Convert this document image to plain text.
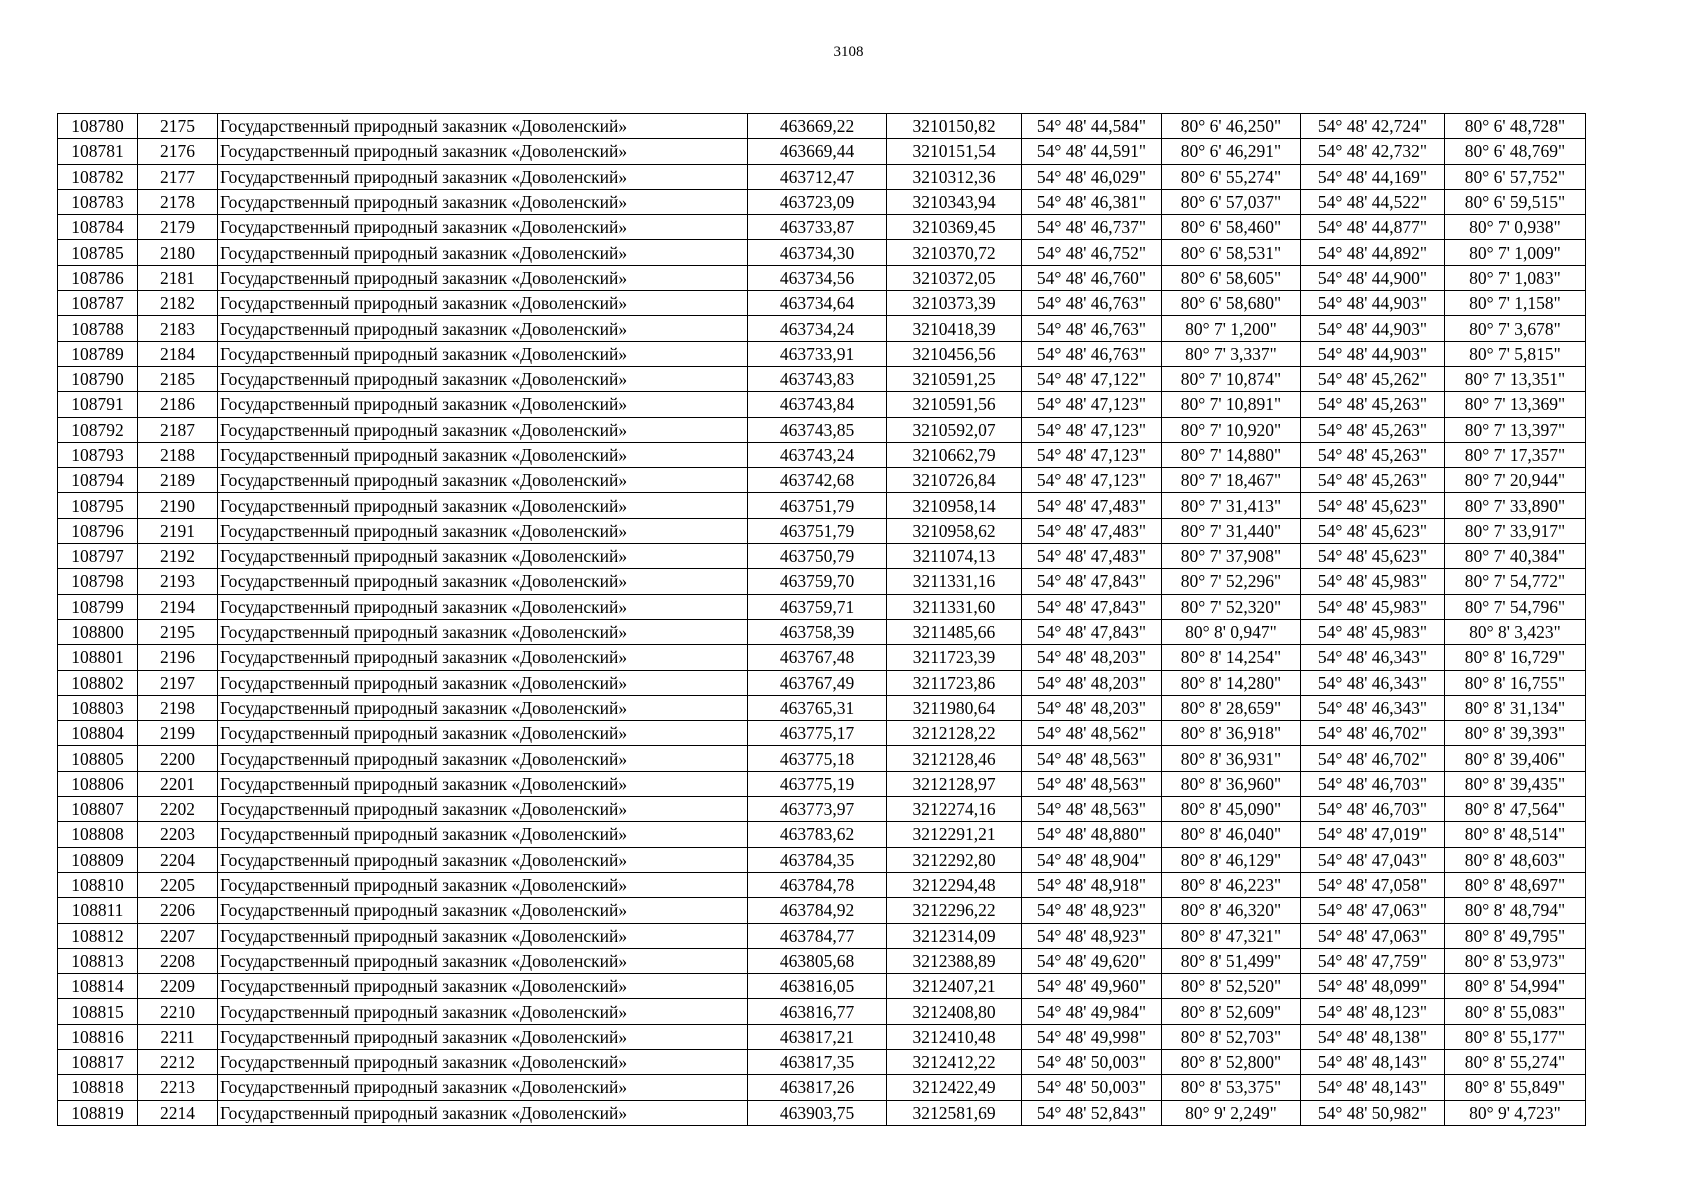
3108
108780	2175	Государственный природный заказник «Доволенский»	463669,22	3210150,82	54° 48' 44,584"	80° 6' 46,250"	54° 48' 42,724"	80° 6' 48,728"
108781	2176	Государственный природный заказник «Доволенский»	463669,44	3210151,54	54° 48' 44,591"	80° 6' 46,291"	54° 48' 42,732"	80° 6' 48,769"
108782	2177	Государственный природный заказник «Доволенский»	463712,47	3210312,36	54° 48' 46,029"	80° 6' 55,274"	54° 48' 44,169"	80° 6' 57,752"
108783	2178	Государственный природный заказник «Доволенский»	463723,09	3210343,94	54° 48' 46,381"	80° 6' 57,037"	54° 48' 44,522"	80° 6' 59,515"
108784	2179	Государственный природный заказник «Доволенский»	463733,87	3210369,45	54° 48' 46,737"	80° 6' 58,460"	54° 48' 44,877"	80° 7' 0,938"
108785	2180	Государственный природный заказник «Доволенский»	463734,30	3210370,72	54° 48' 46,752"	80° 6' 58,531"	54° 48' 44,892"	80° 7' 1,009"
108786	2181	Государственный природный заказник «Доволенский»	463734,56	3210372,05	54° 48' 46,760"	80° 6' 58,605"	54° 48' 44,900"	80° 7' 1,083"
108787	2182	Государственный природный заказник «Доволенский»	463734,64	3210373,39	54° 48' 46,763"	80° 6' 58,680"	54° 48' 44,903"	80° 7' 1,158"
108788	2183	Государственный природный заказник «Доволенский»	463734,24	3210418,39	54° 48' 46,763"	80° 7' 1,200"	54° 48' 44,903"	80° 7' 3,678"
108789	2184	Государственный природный заказник «Доволенский»	463733,91	3210456,56	54° 48' 46,763"	80° 7' 3,337"	54° 48' 44,903"	80° 7' 5,815"
108790	2185	Государственный природный заказник «Доволенский»	463743,83	3210591,25	54° 48' 47,122"	80° 7' 10,874"	54° 48' 45,262"	80° 7' 13,351"
108791	2186	Государственный природный заказник «Доволенский»	463743,84	3210591,56	54° 48' 47,123"	80° 7' 10,891"	54° 48' 45,263"	80° 7' 13,369"
108792	2187	Государственный природный заказник «Доволенский»	463743,85	3210592,07	54° 48' 47,123"	80° 7' 10,920"	54° 48' 45,263"	80° 7' 13,397"
108793	2188	Государственный природный заказник «Доволенский»	463743,24	3210662,79	54° 48' 47,123"	80° 7' 14,880"	54° 48' 45,263"	80° 7' 17,357"
108794	2189	Государственный природный заказник «Доволенский»	463742,68	3210726,84	54° 48' 47,123"	80° 7' 18,467"	54° 48' 45,263"	80° 7' 20,944"
108795	2190	Государственный природный заказник «Доволенский»	463751,79	3210958,14	54° 48' 47,483"	80° 7' 31,413"	54° 48' 45,623"	80° 7' 33,890"
108796	2191	Государственный природный заказник «Доволенский»	463751,79	3210958,62	54° 48' 47,483"	80° 7' 31,440"	54° 48' 45,623"	80° 7' 33,917"
108797	2192	Государственный природный заказник «Доволенский»	463750,79	3211074,13	54° 48' 47,483"	80° 7' 37,908"	54° 48' 45,623"	80° 7' 40,384"
108798	2193	Государственный природный заказник «Доволенский»	463759,70	3211331,16	54° 48' 47,843"	80° 7' 52,296"	54° 48' 45,983"	80° 7' 54,772"
108799	2194	Государственный природный заказник «Доволенский»	463759,71	3211331,60	54° 48' 47,843"	80° 7' 52,320"	54° 48' 45,983"	80° 7' 54,796"
108800	2195	Государственный природный заказник «Доволенский»	463758,39	3211485,66	54° 48' 47,843"	80° 8' 0,947"	54° 48' 45,983"	80° 8' 3,423"
108801	2196	Государственный природный заказник «Доволенский»	463767,48	3211723,39	54° 48' 48,203"	80° 8' 14,254"	54° 48' 46,343"	80° 8' 16,729"
108802	2197	Государственный природный заказник «Доволенский»	463767,49	3211723,86	54° 48' 48,203"	80° 8' 14,280"	54° 48' 46,343"	80° 8' 16,755"
108803	2198	Государственный природный заказник «Доволенский»	463765,31	3211980,64	54° 48' 48,203"	80° 8' 28,659"	54° 48' 46,343"	80° 8' 31,134"
108804	2199	Государственный природный заказник «Доволенский»	463775,17	3212128,22	54° 48' 48,562"	80° 8' 36,918"	54° 48' 46,702"	80° 8' 39,393"
108805	2200	Государственный природный заказник «Доволенский»	463775,18	3212128,46	54° 48' 48,563"	80° 8' 36,931"	54° 48' 46,702"	80° 8' 39,406"
108806	2201	Государственный природный заказник «Доволенский»	463775,19	3212128,97	54° 48' 48,563"	80° 8' 36,960"	54° 48' 46,703"	80° 8' 39,435"
108807	2202	Государственный природный заказник «Доволенский»	463773,97	3212274,16	54° 48' 48,563"	80° 8' 45,090"	54° 48' 46,703"	80° 8' 47,564"
108808	2203	Государственный природный заказник «Доволенский»	463783,62	3212291,21	54° 48' 48,880"	80° 8' 46,040"	54° 48' 47,019"	80° 8' 48,514"
108809	2204	Государственный природный заказник «Доволенский»	463784,35	3212292,80	54° 48' 48,904"	80° 8' 46,129"	54° 48' 47,043"	80° 8' 48,603"
108810	2205	Государственный природный заказник «Доволенский»	463784,78	3212294,48	54° 48' 48,918"	80° 8' 46,223"	54° 48' 47,058"	80° 8' 48,697"
108811	2206	Государственный природный заказник «Доволенский»	463784,92	3212296,22	54° 48' 48,923"	80° 8' 46,320"	54° 48' 47,063"	80° 8' 48,794"
108812	2207	Государственный природный заказник «Доволенский»	463784,77	3212314,09	54° 48' 48,923"	80° 8' 47,321"	54° 48' 47,063"	80° 8' 49,795"
108813	2208	Государственный природный заказник «Доволенский»	463805,68	3212388,89	54° 48' 49,620"	80° 8' 51,499"	54° 48' 47,759"	80° 8' 53,973"
108814	2209	Государственный природный заказник «Доволенский»	463816,05	3212407,21	54° 48' 49,960"	80° 8' 52,520"	54° 48' 48,099"	80° 8' 54,994"
108815	2210	Государственный природный заказник «Доволенский»	463816,77	3212408,80	54° 48' 49,984"	80° 8' 52,609"	54° 48' 48,123"	80° 8' 55,083"
108816	2211	Государственный природный заказник «Доволенский»	463817,21	3212410,48	54° 48' 49,998"	80° 8' 52,703"	54° 48' 48,138"	80° 8' 55,177"
108817	2212	Государственный природный заказник «Доволенский»	463817,35	3212412,22	54° 48' 50,003"	80° 8' 52,800"	54° 48' 48,143"	80° 8' 55,274"
108818	2213	Государственный природный заказник «Доволенский»	463817,26	3212422,49	54° 48' 50,003"	80° 8' 53,375"	54° 48' 48,143"	80° 8' 55,849"
108819	2214	Государственный природный заказник «Доволенский»	463903,75	3212581,69	54° 48' 52,843"	80° 9' 2,249"	54° 48' 50,982"	80° 9' 4,723"
